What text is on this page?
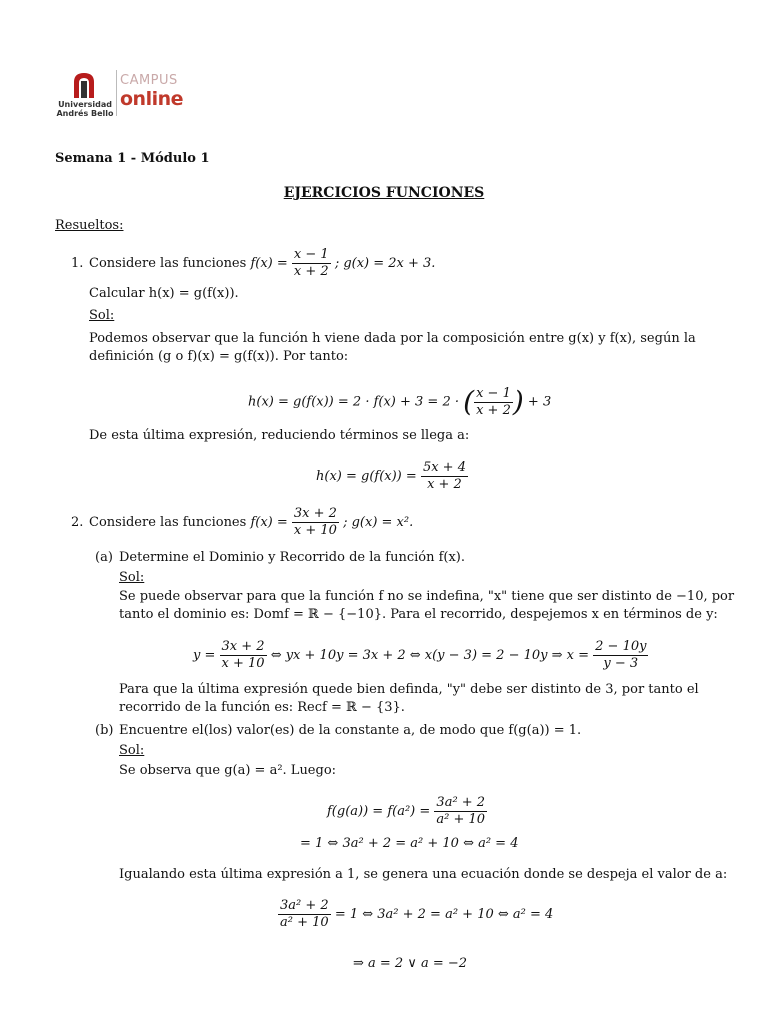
Universidad
Andrés Bello
CAMPUS
online
Semana 1 - Módulo 1
EJERCICIOS FUNCIONES
Resueltos:
1. Considere las funciones $f(x) = \frac{x - 1}{x + 2}$ ; g(x) = 2x + 3.
Calcular h(x) = g(f(x)).
Sol:
Podemos observar que la función h viene dada por la composición entre g(x) y f(x), según la
definición (g o f)(x) = g(f(x)). Por tanto:
h(x) = g(f(x)) = 2 · f(x) + 3 = 2 · ( $\frac{x - 1}{x + 2}$ ) + 3
De esta última expresión, reduciendo términos se llega a:
$h(x) = g(f(x)) = \frac{5x + 4}{x + 2}$
2. Considere las funciones $f(x) = \frac{3x + 2}{x + 10}$ ; g(x) = x².
(a) Determine el Dominio y Recorrido de la función f(x).
Sol:
Se puede observar para que la función f no se indefina, "x" tiene que ser distinto de −10, por
tanto el dominio es: Domf = ℝ − {−10}. Para el recorrido, despejemos x en términos de y:
$y = \frac{3x + 2}{x + 10}$ ⇔ yx + 10y = 3x + 2 ⇔ x(y − 3) = 2 − 10y ⇒ $x = \frac{2 - 10y}{y - 3}$
Para que la última expresión quede bien definda, "y" debe ser distinto de 3, por tanto el
recorrido de la función es: Recf = ℝ − {3}.
(b) Encuentre el(los) valor(es) de la constante a, de modo que f(g(a)) = 1.
Sol:
Se observa que g(a) = a². Luego:
$f(g(a)) = f(a^2) = \frac{\text{3a² + 2}}{\text{a² + 10}}$
= 1 ⇔ 3a² + 2 = a² + 10 ⇔ a² = 4
Igualando esta última expresión a 1, se genera una ecuación donde se despeja el valor de a:
$\frac{\text{3a² + 2}}{\text{a² + 10}} = 1$ ⇔ 3a² + 2 = a² + 10 ⇔ a² = 4
⇒ a = 2 ∨ a = −2
